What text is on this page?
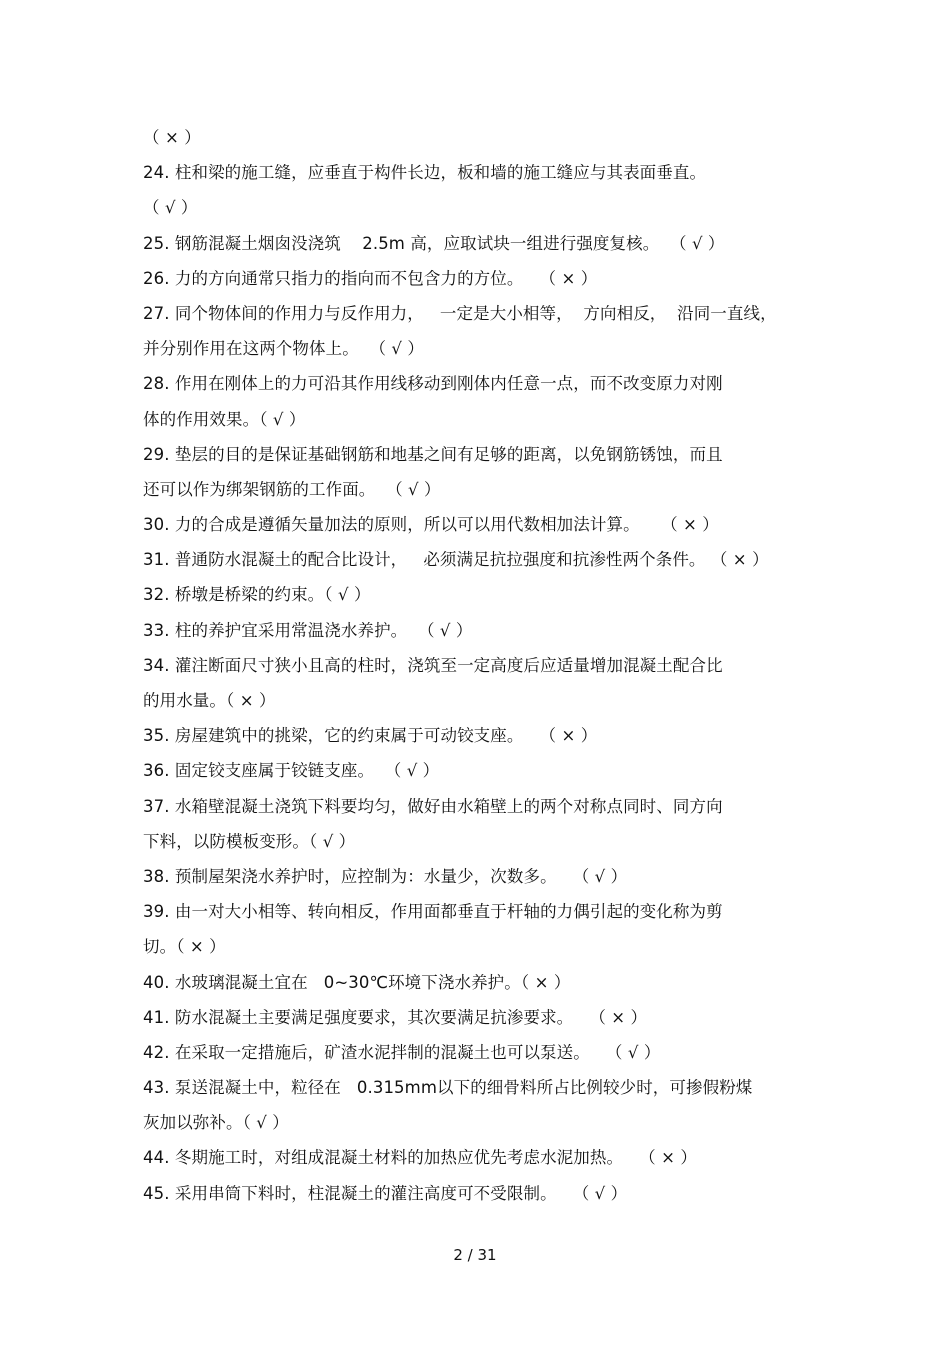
（ × ）
24. 柱和梁的施工缝，应垂直于构件长边，板和墙的施工缝应与其表面垂直。
（ √ ）
25. 钢筋混凝土烟囱没浇筑    2.5m 高，应取试块一组进行强度复核。  （ √ ）
26. 力的方向通常只指力的指向而不包含力的方位。   （ × ）
27. 同个物体间的作用力与反作用力，   一定是大小相等，  方向相反，  沿同一直线，
并分别作用在这两个物体上。  （ √ ）
28. 作用在刚体上的力可沿其作用线移动到刚体内任意一点，而不改变原力对刚
体的作用效果。（ √ ）
29. 垫层的目的是保证基础钢筋和地基之间有足够的距离，以免钢筋锈蚀，而且
还可以作为绑架钢筋的工作面。  （ √ ）
30. 力的合成是遵循矢量加法的原则，所以可以用代数相加法计算。    （ × ）
31. 普通防水混凝土的配合比设计，   必须满足抗拉强度和抗渗性两个条件。 （ × ）
32. 桥墩是桥梁的约束。（ √ ）
33. 柱的养护宜采用常温浇水养护。  （ √ ）
34. 灌注断面尺寸狭小且高的柱时，浇筑至一定高度后应适量增加混凝土配合比
的用水量。（ × ）
35. 房屋建筑中的挑梁，它的约束属于可动铰支座。   （ × ）
36. 固定铰支座属于铰链支座。  （ √ ）
37. 水箱壁混凝土浇筑下料要均匀，做好由水箱壁上的两个对称点同时、同方向
下料，以防模板变形。（ √ ）
38. 预制屋架浇水养护时，应控制为：水量少，次数多。   （ √ ）
39. 由一对大小相等、转向相反，作用面都垂直于杆轴的力偶引起的变化称为剪
切。（ × ）
40. 水玻璃混凝土宜在   0~30℃环境下浇水养护。（ × ）
41. 防水混凝土主要满足强度要求，其次要满足抗渗要求。   （ × ）
42. 在采取一定措施后，矿渣水泥拌制的混凝土也可以泵送。   （ √ ）
43. 泵送混凝土中，粒径在   0.315mm以下的细骨料所占比例较少时，可掺假粉煤
灰加以弥补。（ √ ）
44. 冬期施工时，对组成混凝土材料的加热应优先考虑水泥加热。   （ × ）
45. 采用串筒下料时，柱混凝土的灌注高度可不受限制。   （ √ ）
2 / 31
